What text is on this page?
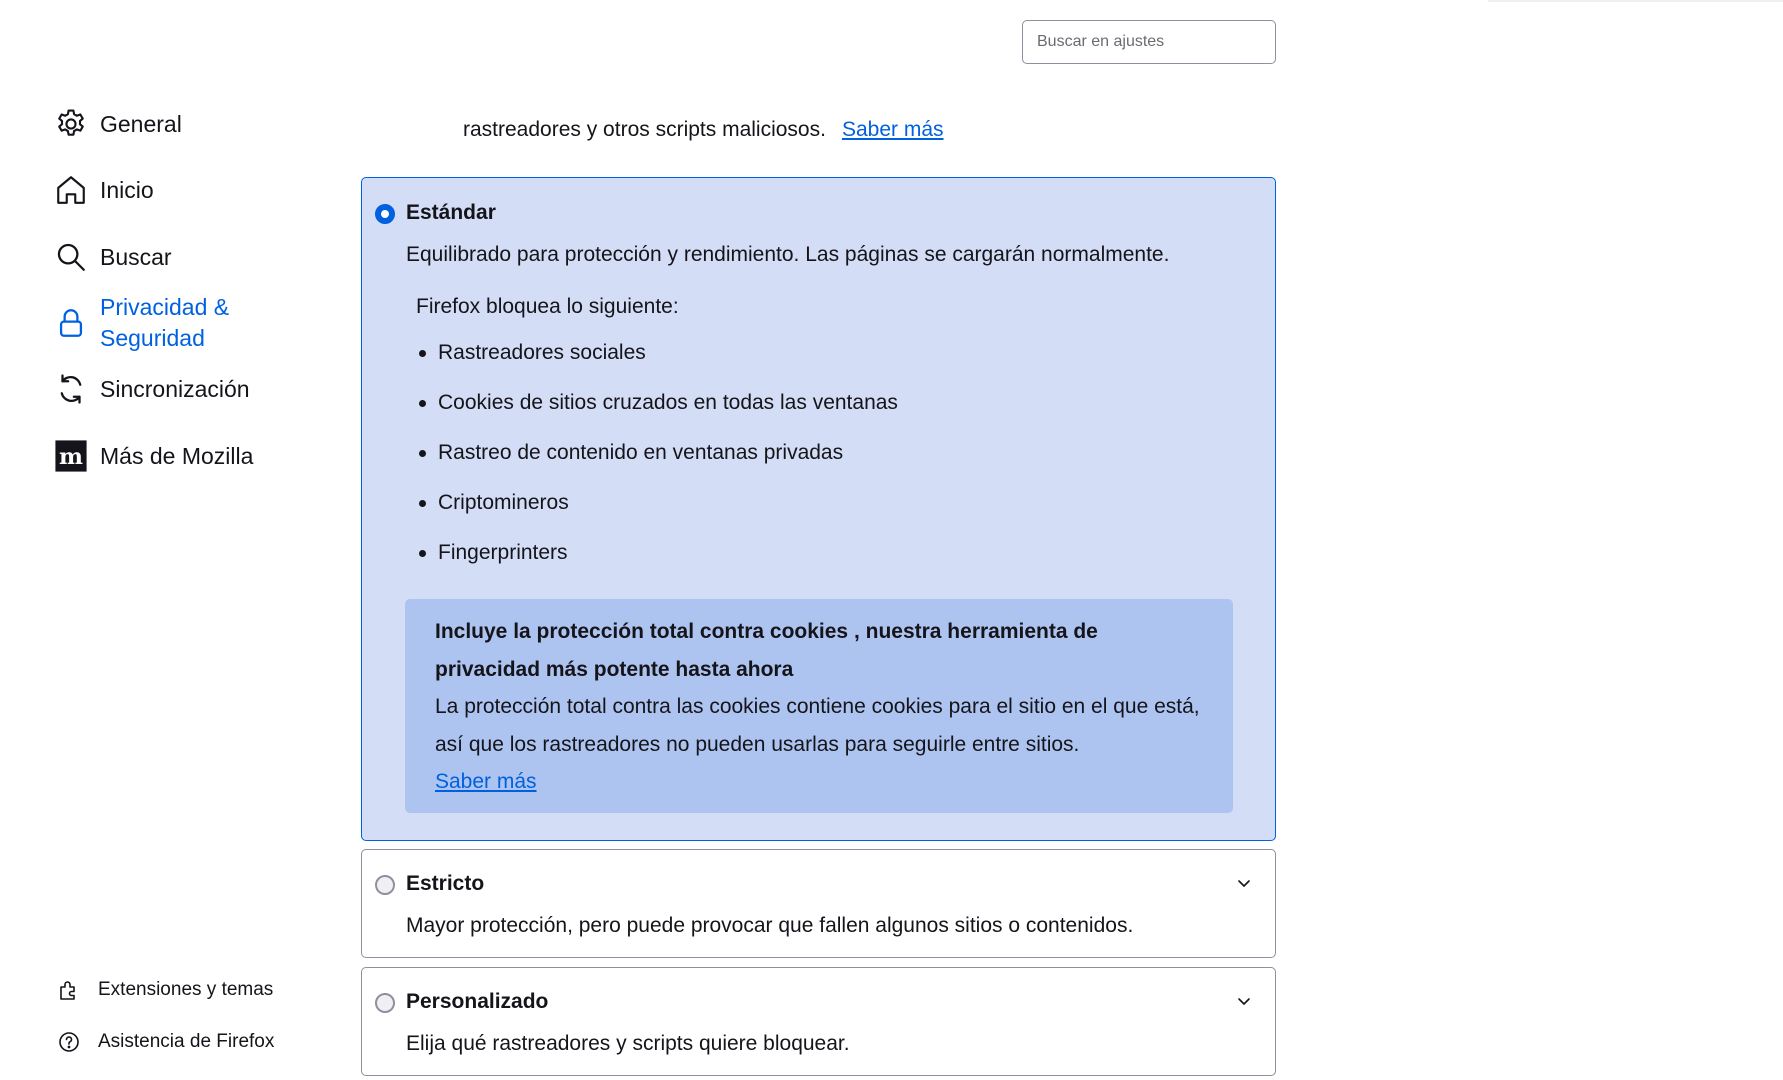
Buscar en ajustes
General
Inicio
Buscar
Privacidad & Seguridad
Sincronización
m Más de Mozilla
Extensiones y temas
Asistencia de Firefox
rastreadores y otros scripts maliciosos. Saber más
Estándar
Equilibrado para protección y rendimiento. Las páginas se cargarán normalmente.
Firefox bloquea lo siguiente:
Rastreadores sociales
Cookies de sitios cruzados en todas las ventanas
Rastreo de contenido en ventanas privadas
Criptomineros
Fingerprinters

Incluye la protección total contra cookies , nuestra herramienta de privacidad más potente hasta ahora

La protección total contra las cookies contiene cookies para el sitio en el que está, así que los rastreadores no pueden usarlas para seguirle entre sitios.

Saber más

Estricto
Mayor protección, pero puede provocar que fallen algunos sitios o contenidos.
Personalizado
Elija qué rastreadores y scripts quiere bloquear.
